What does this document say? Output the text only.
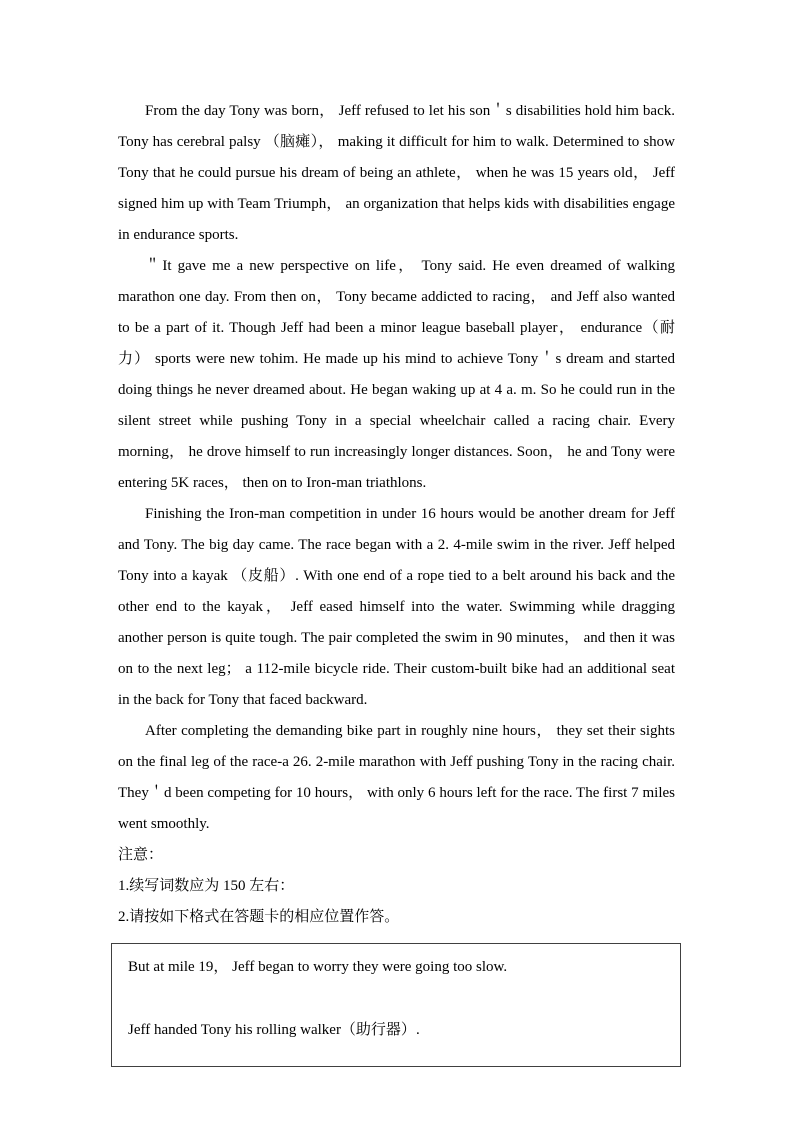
From the day Tony was born， Jeff refused to let his son＇s disabilities hold him back. Tony has cerebral palsy （脑瘫）， making it difficult for him to walk. Determined to show Tony that he could pursue his dream of being an athlete， when he was 15 years old， Jeff signed him up with Team Triumph， an organization that helps kids with disabilities engage in endurance sports.

＂It gave me a new perspective on life， Tony said. He even dreamed of walking marathon one day. From then on， Tony became addicted to racing， and Jeff also wanted to be a part of it. Though Jeff had been a minor league baseball player， endurance（耐力） sports were new tohim. He made up his mind to achieve Tony＇s dream and started doing things he never dreamed about. He began waking up at 4 a. m. So he could run in the silent street while pushing Tony in a special wheelchair called a racing chair. Every morning， he drove himself to run increasingly longer distances. Soon， he and Tony were entering 5K races， then on to Iron-man triathlons.

Finishing the Iron-man competition in under 16 hours would be another dream for Jeff and Tony. The big day came. The race began with a 2. 4-mile swim in the river. Jeff helped Tony into a kayak （皮船）. With one end of a rope tied to a belt around his back and the other end to the kayak， Jeff eased himself into the water. Swimming while dragging another person is quite tough. The pair completed the swim in 90 minutes， and then it was on to the next leg； a 112-mile bicycle ride. Their custom-built bike had an additional seat in the back for Tony that faced backward.

After completing the demanding bike part in roughly nine hours， they set their sights on the final leg of the race-a 26. 2-mile marathon with Jeff pushing Tony in the racing chair. They＇d been competing for 10 hours， with only 6 hours left for the race. The first 7 miles went smoothly.

注意：

1.续写词数应为 150 左右：

2.请按如下格式在答题卡的相应位置作答。

But at mile 19， Jeff began to worry they were going too slow.

Jeff handed Tony his rolling walker（助行器）.
